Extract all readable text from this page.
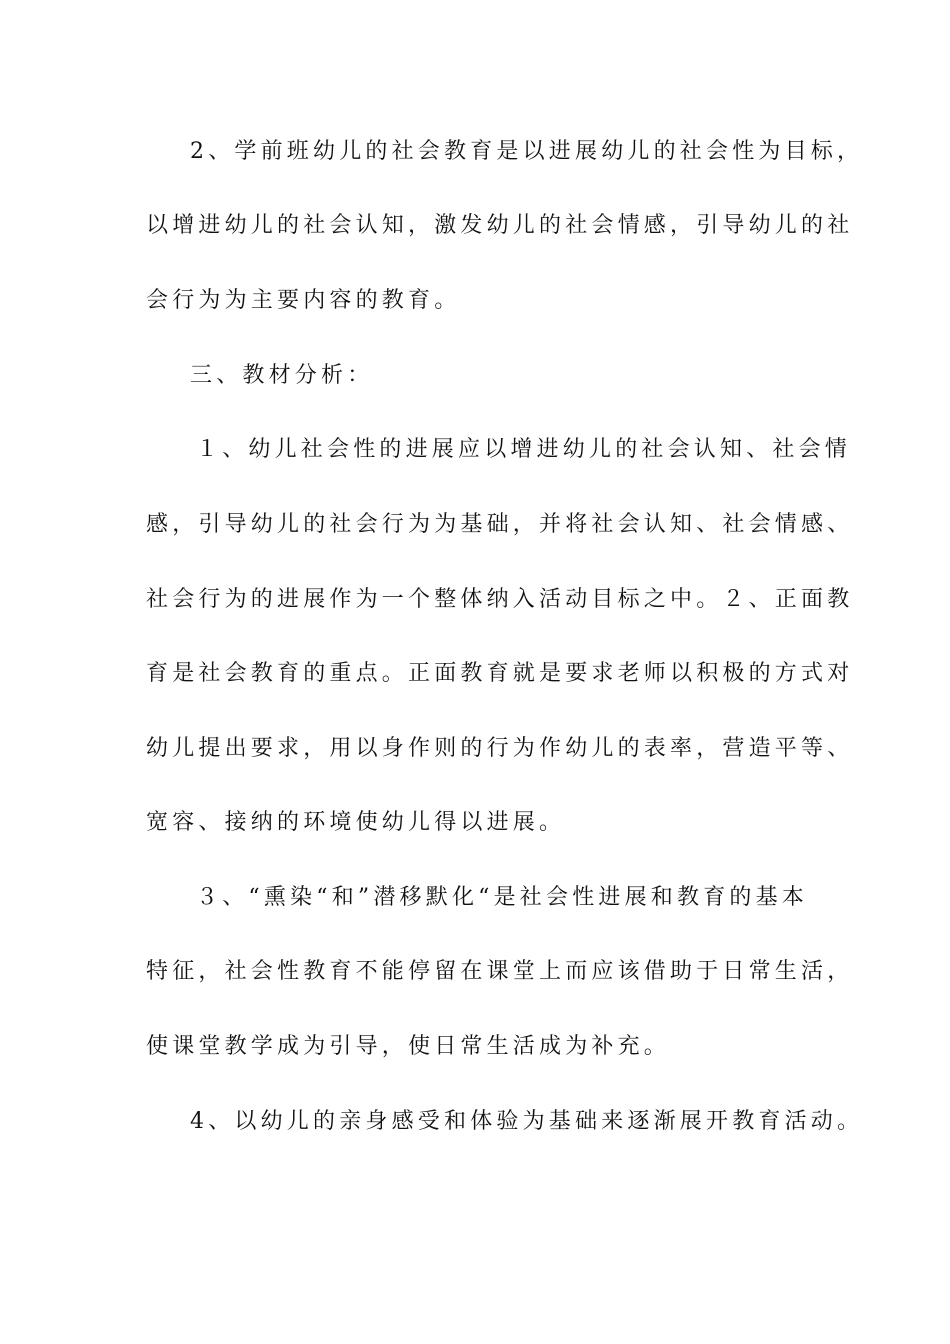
2、学前班幼儿的社会教育是以进展幼儿的社会性为目标，
以增进幼儿的社会认知，激发幼儿的社会情感，引导幼儿的社
会行为为主要内容的教育。
三、教材分析：
１、幼儿社会性的进展应以增进幼儿的社会认知、社会情
感，引导幼儿的社会行为为基础，并将社会认知、社会情感、
社会行为的进展作为一个整体纳入活动目标之中。２、正面教
育是社会教育的重点。正面教育就是要求老师以积极的方式对
幼儿提出要求，用以身作则的行为作幼儿的表率，营造平等、
宽容、接纳的环境使幼儿得以进展。
３、“熏染“和”潜移默化“是社会性进展和教育的基本
特征，社会性教育不能停留在课堂上而应该借助于日常生活，
使课堂教学成为引导，使日常生活成为补充。
4、以幼儿的亲身感受和体验为基础来逐渐展开教育活动。
